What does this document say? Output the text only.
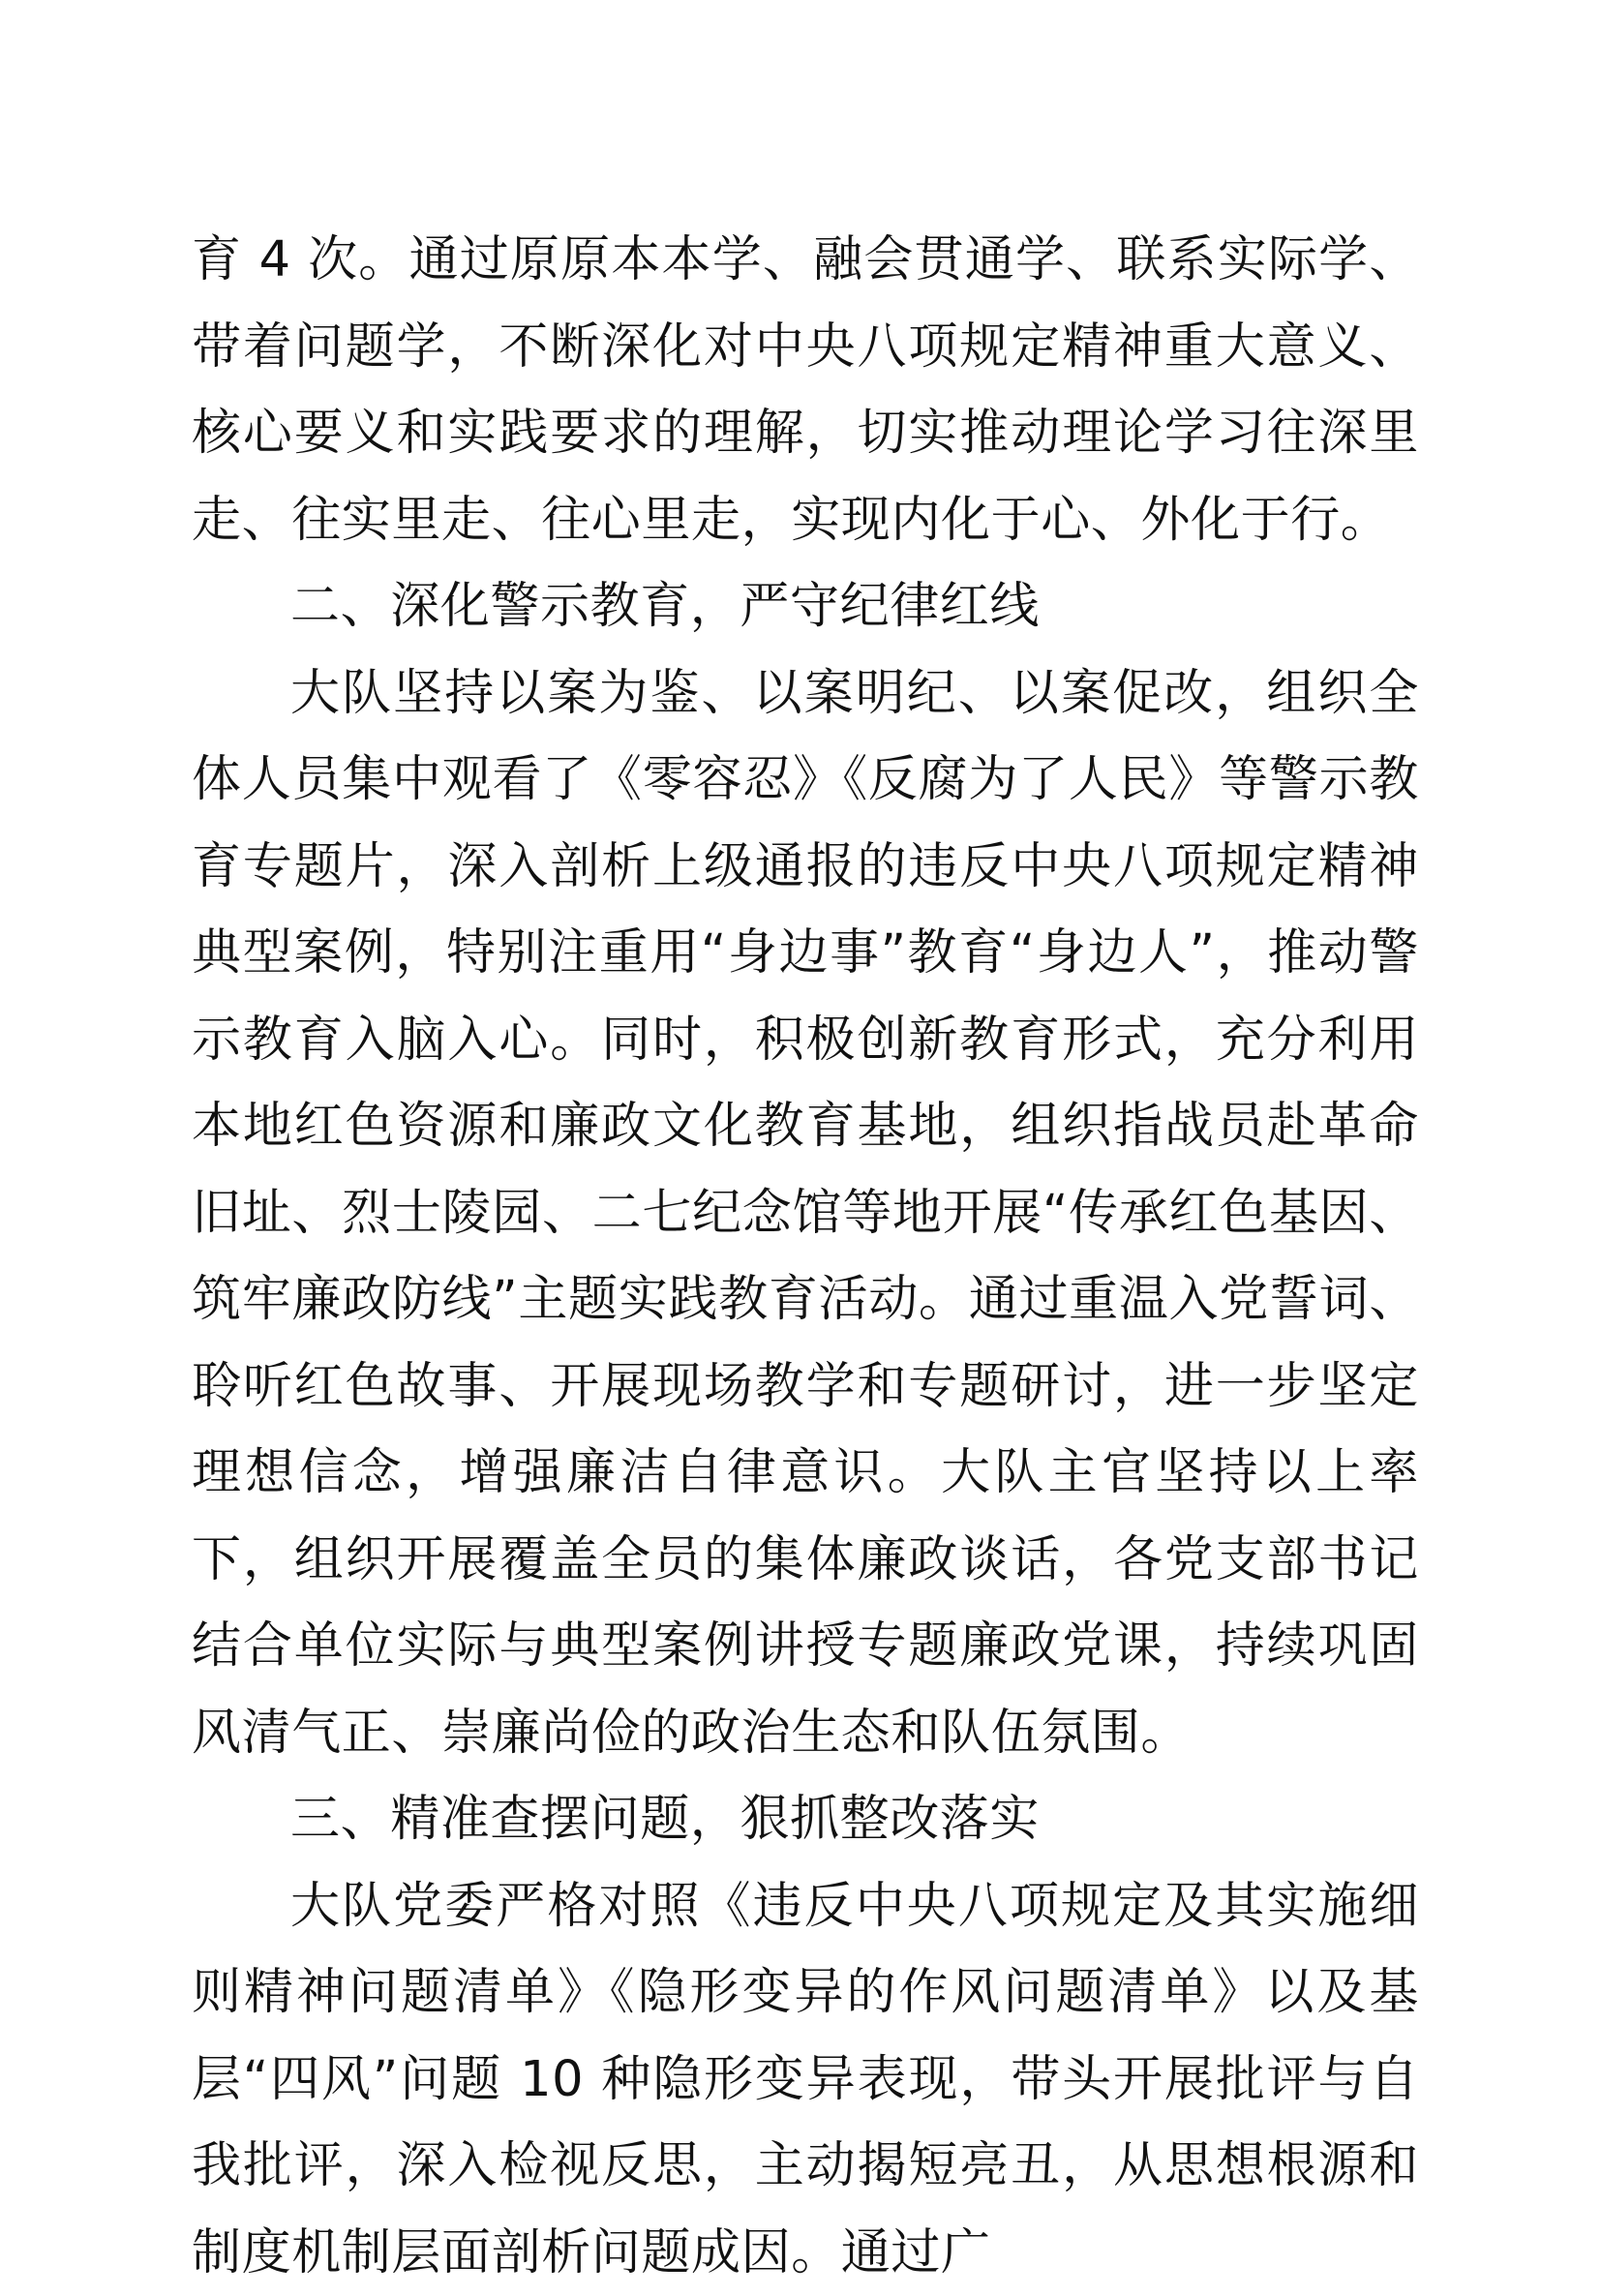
育 4 次。通过原原本本学、融会贯通学、联系实际学、带着问题学，不断深化对中央八项规定精神重大意义、核心要义和实践要求的理解，切实推动理论学习往深里走、往实里走、往心里走，实现内化于心、外化于行。

二、深化警示教育，严守纪律红线

大队坚持以案为鉴、以案明纪、以案促改，组织全体人员集中观看了《零容忍》《反腐为了人民》等警示教育专题片，深入剖析上级通报的违反中央八项规定精神典型案例，特别注重用“身边事”教育“身边人”，推动警示教育入脑入心。同时，积极创新教育形式，充分利用本地红色资源和廉政文化教育基地，组织指战员赴革命旧址、烈士陵园、二七纪念馆等地开展“传承红色基因、筑牢廉政防线”主题实践教育活动。通过重温入党誓词、聆听红色故事、开展现场教学和专题研讨，进一步坚定理想信念，增强廉洁自律意识。大队主官坚持以上率下，组织开展覆盖全员的集体廉政谈话，各党支部书记结合单位实际与典型案例讲授专题廉政党课，持续巩固风清气正、崇廉尚俭的政治生态和队伍氛围。

三、精准查摆问题，狠抓整改落实

大队党委严格对照《违反中央八项规定及其实施细则精神问题清单》《隐形变异的作风问题清单》以及基层“四风”问题 10 种隐形变异表现，带头开展批评与自我批评，深入检视反思，主动揭短亮丑，从思想根源和制度机制层面剖析问题成因。通过广
